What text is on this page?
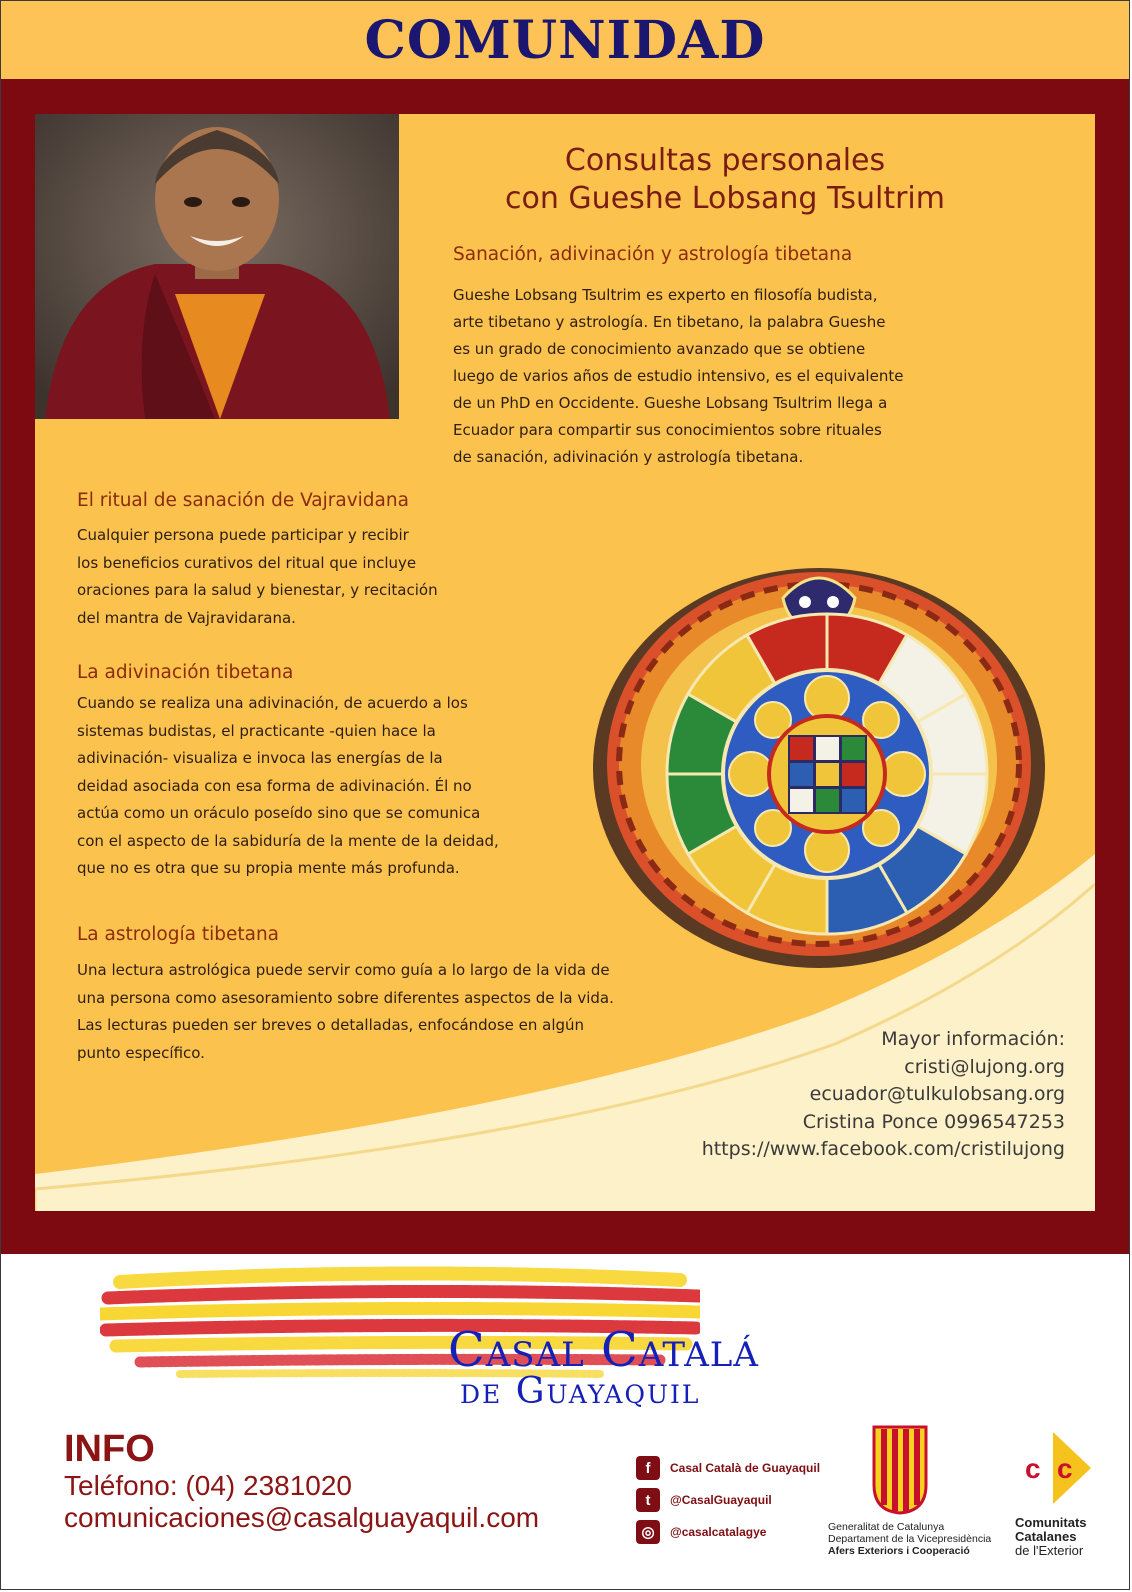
COMUNIDAD
Consultas personales
con Gueshe Lobsang Tsultrim
Sanación, adivinación y astrología tibetana
Gueshe Lobsang Tsultrim es experto en filosofía budista,
arte tibetano y astrología. En tibetano, la palabra Gueshe
es un grado de conocimiento avanzado que se obtiene
luego de varios años de estudio intensivo, es el equivalente
de un PhD en Occidente. Gueshe Lobsang Tsultrim llega a
Ecuador para compartir sus conocimientos sobre rituales
de sanación, adivinación y astrología tibetana.
El ritual de sanación de Vajravidana
Cualquier persona puede participar y recibir
los beneficios curativos del ritual que incluye
oraciones para la salud y bienestar, y recitación
del mantra de Vajravidarana.
La adivinación tibetana
Cuando se realiza una adivinación, de acuerdo a los
sistemas budistas, el practicante -quien hace la
adivinación- visualiza e invoca las energías de la
deidad asociada con esa forma de adivinación. Él no
actúa como un oráculo poseído sino que se comunica
con el aspecto de la sabiduría de la mente de la deidad,
que no es otra que su propia mente más profunda.
La astrología tibetana
Una lectura astrológica puede servir como guía a lo largo de la vida de
una persona como asesoramiento sobre diferentes aspectos de la vida.
Las lecturas pueden ser breves o detalladas, enfocándose en algún
punto específico.
Mayor información:
cristi@lujong.org
ecuador@tulkulobsang.org
Cristina Ponce 0996547253
https://www.facebook.com/cristilujong
Casal Catalá
de Guayaquil
INFO
Teléfono: (04) 2381020
comunicaciones@casalguayaquil.com
f	Casal Català de Guayaquil
t	@CasalGuayaquil
◎	@casalcatalagye	Generalitat de Catalunya
Departament de la Vicepresidència
Afers Exteriors i Cooperació
c c
Comunitats
Catalanes
de l'Exterior
